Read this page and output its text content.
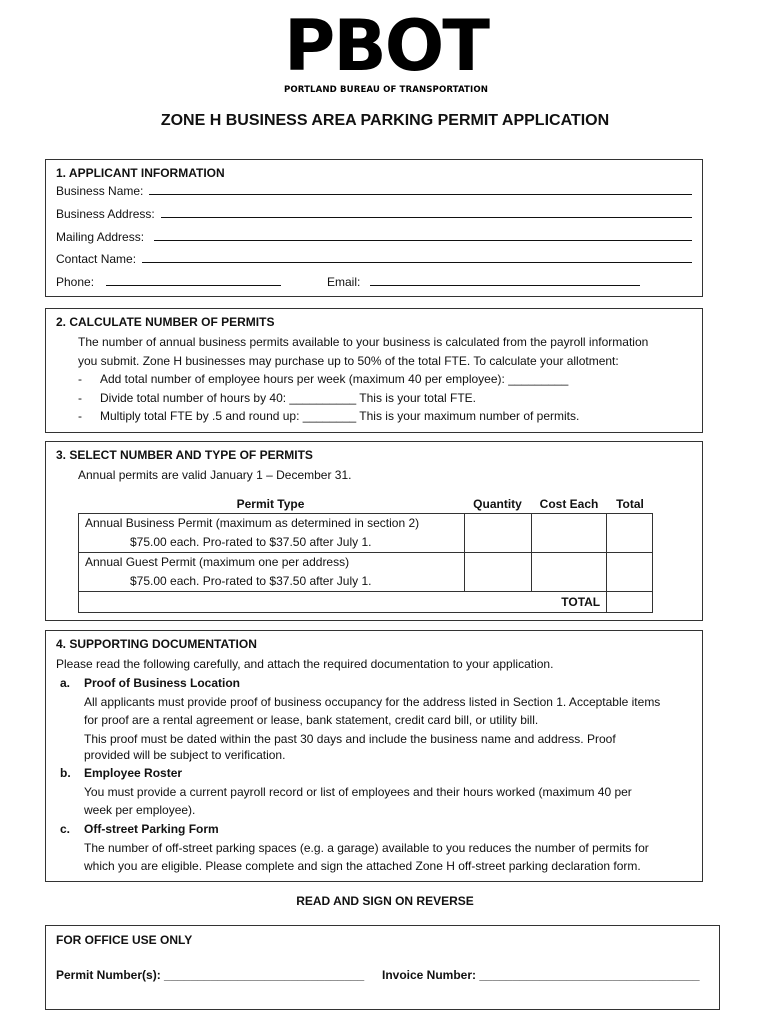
PBOT
PORTLAND BUREAU OF TRANSPORTATION
ZONE H BUSINESS AREA PARKING PERMIT APPLICATION
1. APPLICANT INFORMATION
Business Name:
Business Address:
Mailing Address:
Contact Name:
Phone:	Email:
2. CALCULATE NUMBER OF PERMITS
The number of annual business permits available to your business is calculated from the payroll information
you submit. Zone H businesses may purchase up to 50% of the total FTE. To calculate your allotment:
-	Add total number of employee hours per week (maximum 40 per employee): _________
-	Divide total number of hours by 40: __________ This is your total FTE.
-	Multiply total FTE by .5 and round up: ________ This is your maximum number of permits.
3. SELECT NUMBER AND TYPE OF PERMITS
Annual permits are valid January 1 – December 31.
Permit Type	Quantity	Cost Each	Total
Annual Business Permit (maximum as determined in section 2)
$75.00 each. Pro-rated to $37.50 after July 1.			

Annual Guest Permit (maximum one per address)
$75.00 each. Pro-rated to $37.50 after July 1.			

TOTAL			
4. SUPPORTING DOCUMENTATION
Please read the following carefully, and attach the required documentation to your application.
a.	Proof of Business Location
All applicants must provide proof of business occupancy for the address listed in Section 1. Acceptable items
for proof are a rental agreement or lease, bank statement, credit card bill, or utility bill.
This proof must be dated within the past 30 days and include the business name and address. Proof
provided will be subject to verification.
b.	Employee Roster
You must provide a current payroll record or list of employees and their hours worked (maximum 40 per
week per employee).
c.	Off-street Parking Form
The number of off-street parking spaces (e.g. a garage) available to you reduces the number of permits for
which you are eligible. Please complete and sign the attached Zone H off-street parking declaration form.
READ AND SIGN ON REVERSE
FOR OFFICE USE ONLY
Permit Number(s): ______________________________ Invoice Number: _________________________________
